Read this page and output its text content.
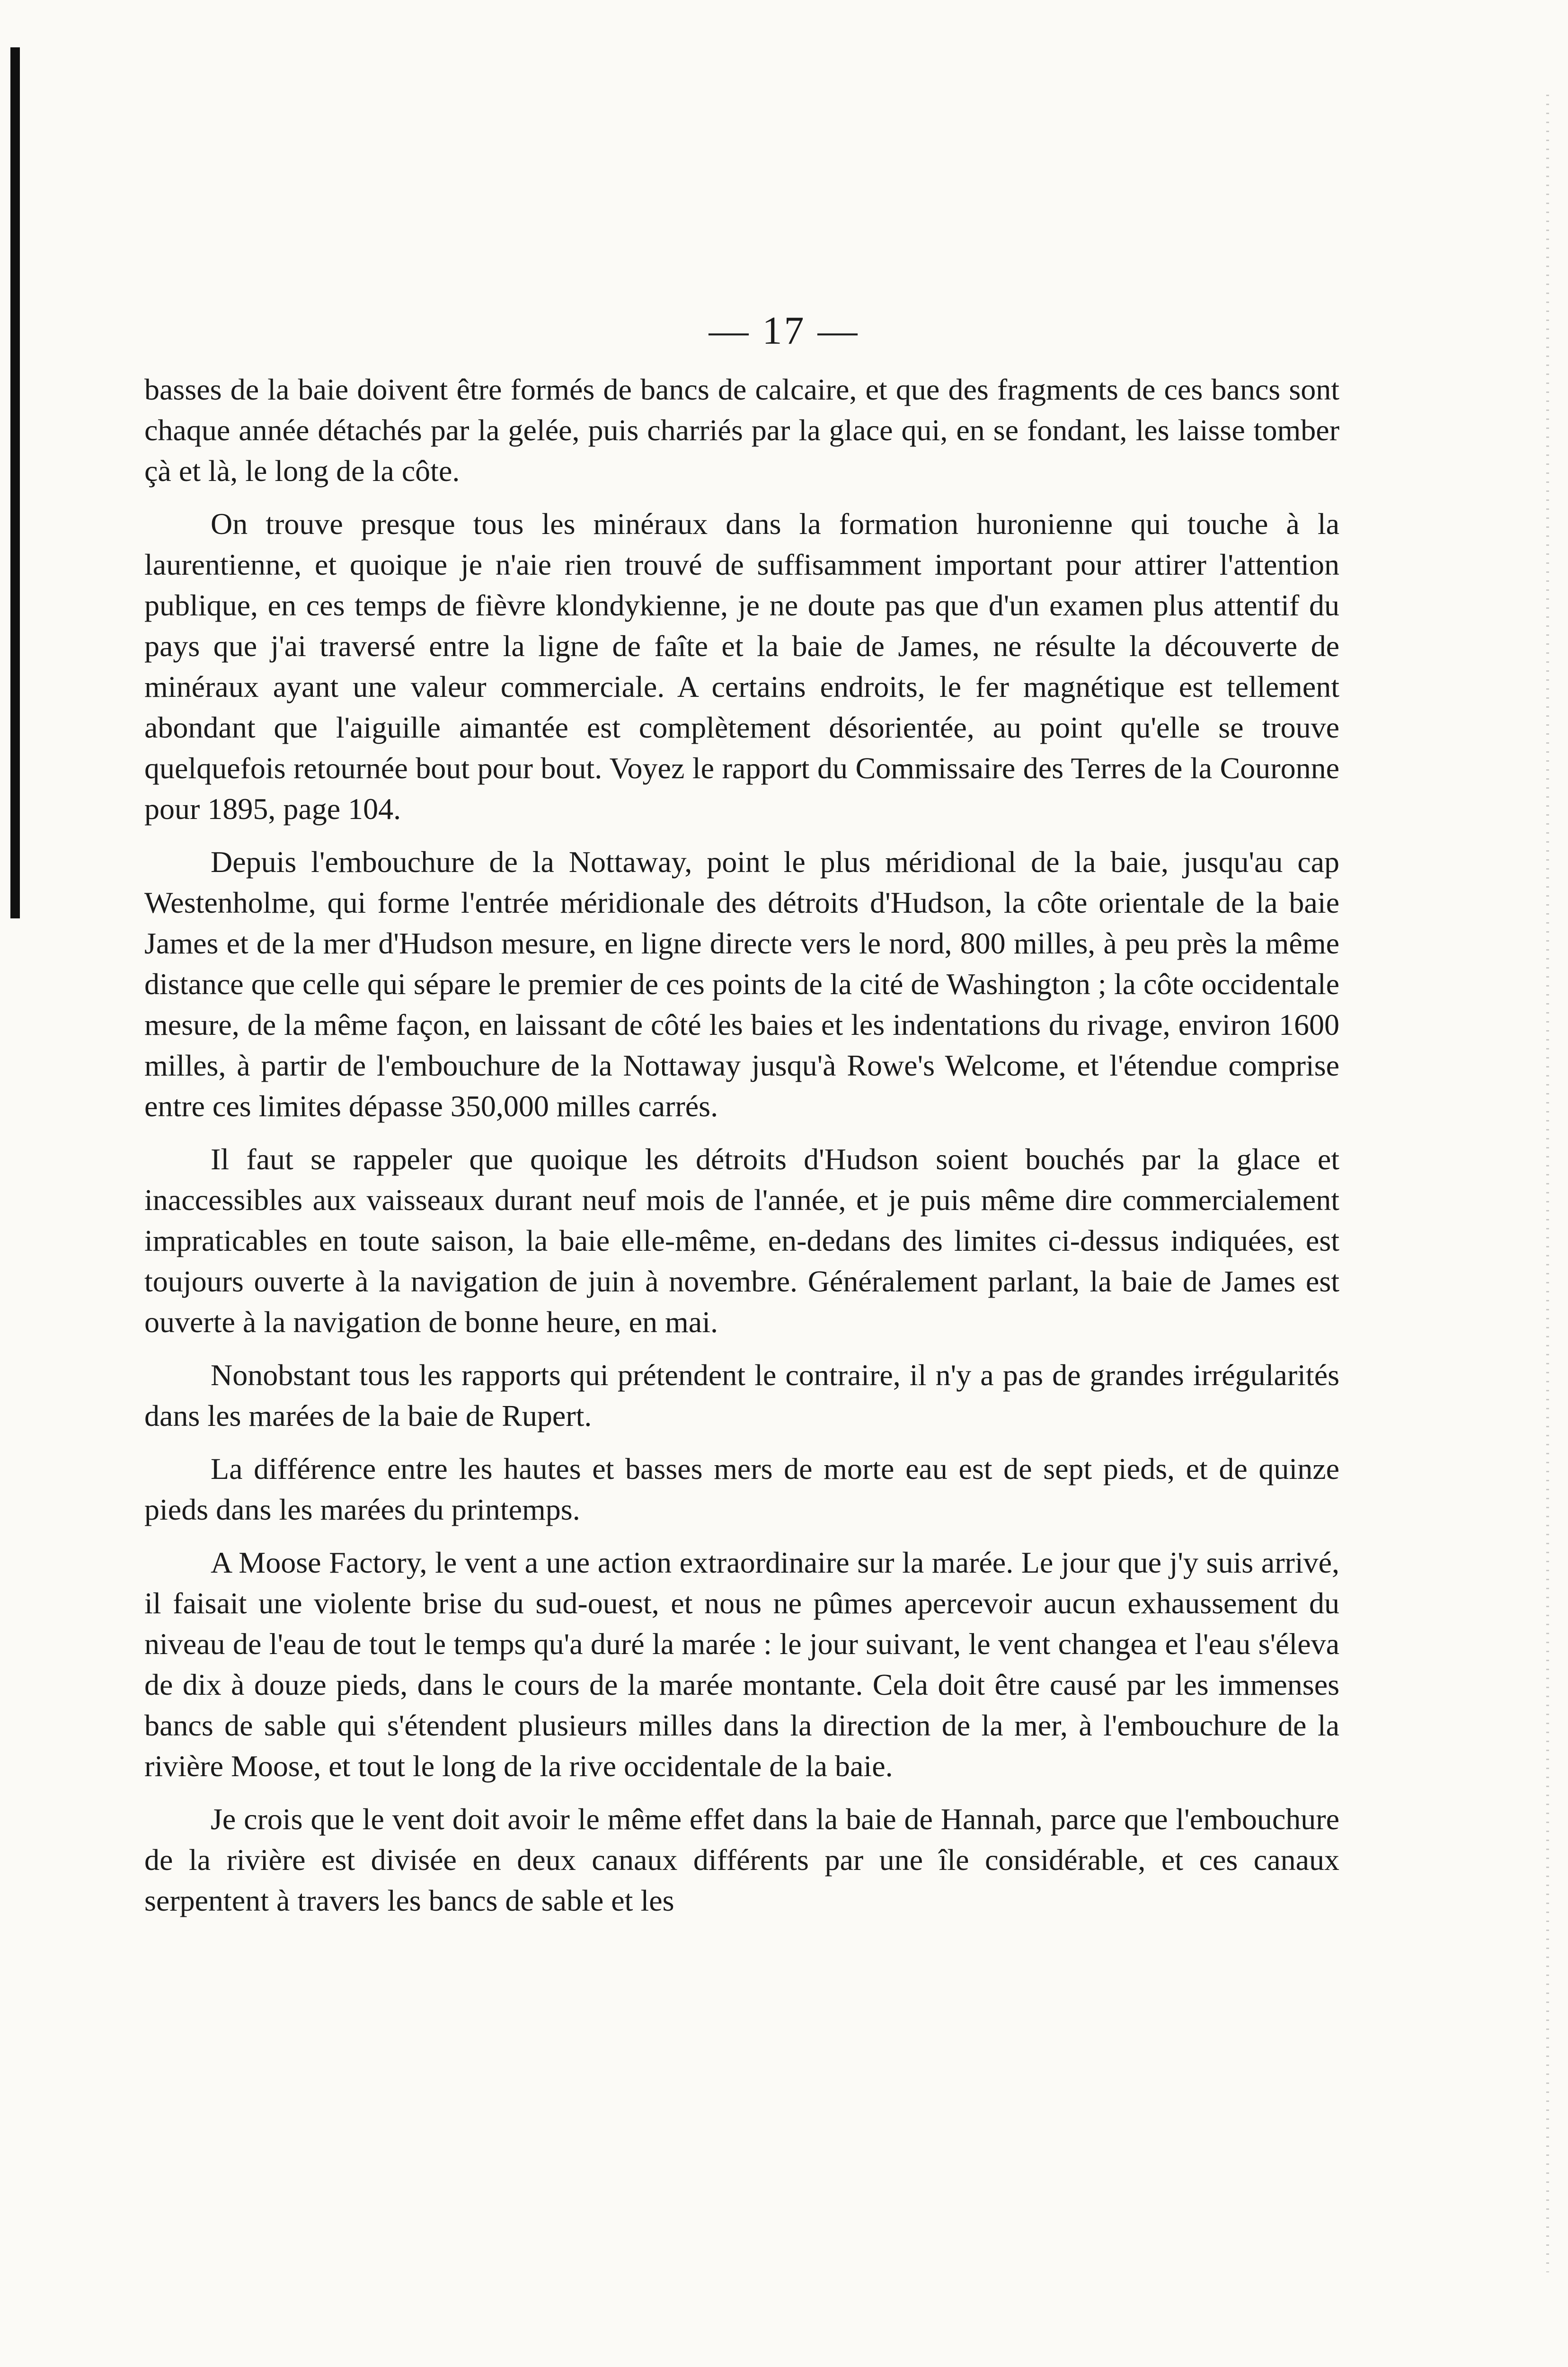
— 17 —

basses de la baie doivent être formés de bancs de calcaire, et que des fragments de ces bancs sont chaque année détachés par la gelée, puis charriés par la glace qui, en se fondant, les laisse tomber çà et là, le long de la côte.

On trouve presque tous les minéraux dans la formation huronienne qui touche à la laurentienne, et quoique je n'aie rien trouvé de suffisamment important pour attirer l'attention publique, en ces temps de fièvre klondykienne, je ne doute pas que d'un examen plus attentif du pays que j'ai traversé entre la ligne de faîte et la baie de James, ne résulte la découverte de minéraux ayant une valeur commerciale. A certains endroits, le fer magnétique est tellement abondant que l'aiguille aimantée est complètement désorientée, au point qu'elle se trouve quelquefois retournée bout pour bout. Voyez le rapport du Commissaire des Terres de la Couronne pour 1895, page 104.

Depuis l'embouchure de la Nottaway, point le plus méridional de la baie, jusqu'au cap Westenholme, qui forme l'entrée méridionale des détroits d'Hudson, la côte orientale de la baie James et de la mer d'Hudson mesure, en ligne directe vers le nord, 800 milles, à peu près la même distance que celle qui sépare le premier de ces points de la cité de Washington ; la côte occidentale mesure, de la même façon, en laissant de côté les baies et les indentations du rivage, environ 1600 milles, à partir de l'embouchure de la Nottaway jusqu'à Rowe's Welcome, et l'étendue comprise entre ces limites dépasse 350,000 milles carrés.

Il faut se rappeler que quoique les détroits d'Hudson soient bouchés par la glace et inaccessibles aux vaisseaux durant neuf mois de l'année, et je puis même dire commercialement impraticables en toute saison, la baie elle-même, en-dedans des limites ci-dessus indiquées, est toujours ouverte à la navigation de juin à novembre. Généralement parlant, la baie de James est ouverte à la navigation de bonne heure, en mai.

Nonobstant tous les rapports qui prétendent le contraire, il n'y a pas de grandes irrégularités dans les marées de la baie de Rupert.

La différence entre les hautes et basses mers de morte eau est de sept pieds, et de quinze pieds dans les marées du printemps.

A Moose Factory, le vent a une action extraordinaire sur la marée. Le jour que j'y suis arrivé, il faisait une violente brise du sud-ouest, et nous ne pûmes apercevoir aucun exhaussement du niveau de l'eau de tout le temps qu'a duré la marée : le jour suivant, le vent changea et l'eau s'éleva de dix à douze pieds, dans le cours de la marée montante. Cela doit être causé par les immenses bancs de sable qui s'étendent plusieurs milles dans la direction de la mer, à l'embouchure de la rivière Moose, et tout le long de la rive occidentale de la baie.

Je crois que le vent doit avoir le même effet dans la baie de Hannah, parce que l'embouchure de la rivière est divisée en deux canaux différents par une île considérable, et ces canaux serpentent à travers les bancs de sable et les
